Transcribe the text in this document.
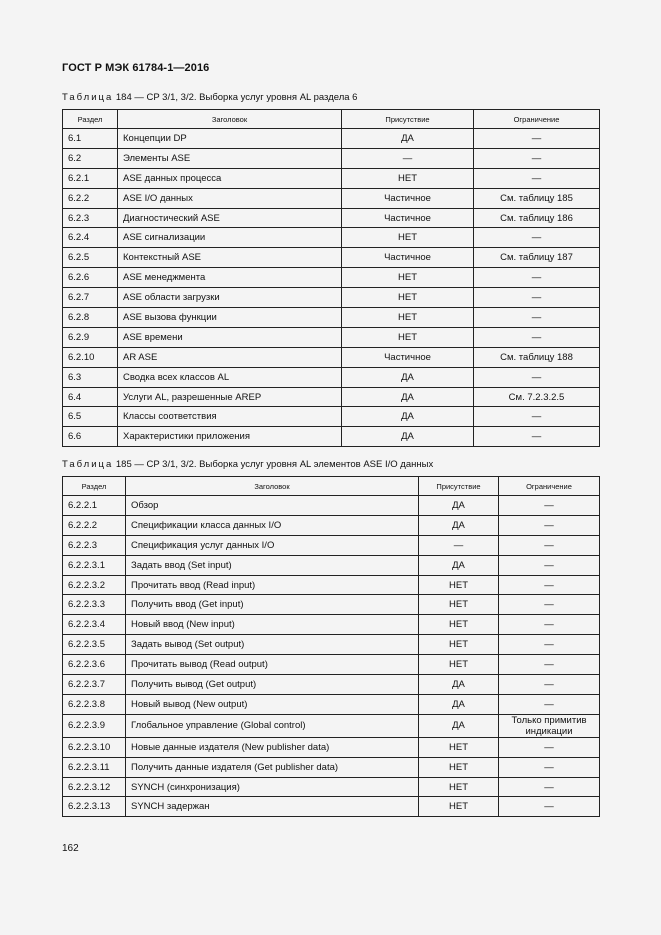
ГОСТ Р МЭК 61784-1—2016
Таблица 184 — CP 3/1, 3/2. Выборка услуг уровня AL раздела 6
Раздел	Заголовок	Присутствие	Ограничение
6.1	Концепции DP	ДА	—
6.2	Элементы ASE	—	—
6.2.1	ASE данных процесса	НЕТ	—
6.2.2	ASE I/O данных	Частичное	См. таблицу 185
6.2.3	Диагностический ASE	Частичное	См. таблицу 186
6.2.4	ASE сигнализации	НЕТ	—
6.2.5	Контекстный ASE	Частичное	См. таблицу 187
6.2.6	ASE менеджмента	НЕТ	—
6.2.7	ASE области загрузки	НЕТ	—
6.2.8	ASE вызова функции	НЕТ	—
6.2.9	ASE времени	НЕТ	—
6.2.10	AR ASE	Частичное	См. таблицу 188
6.3	Сводка всех классов AL	ДА	—
6.4	Услуги AL, разрешенные AREP	ДА	См. 7.2.3.2.5
6.5	Классы соответствия	ДА	—
6.6	Характеристики приложения	ДА	—
Таблица 185 — CP 3/1, 3/2. Выборка услуг уровня AL элементов ASE I/O данных
Раздел	Заголовок	Присутствие	Ограничение
6.2.2.1	Обзор	ДА	—
6.2.2.2	Спецификации класса данных I/O	ДА	—
6.2.2.3	Спецификация услуг данных I/O	—	—
6.2.2.3.1	Задать ввод (Set input)	ДА	—
6.2.2.3.2	Прочитать ввод (Read input)	НЕТ	—
6.2.2.3.3	Получить ввод (Get input)	НЕТ	—
6.2.2.3.4	Новый ввод (New input)	НЕТ	—
6.2.2.3.5	Задать вывод (Set output)	НЕТ	—
6.2.2.3.6	Прочитать вывод (Read output)	НЕТ	—
6.2.2.3.7	Получить вывод (Get output)	ДА	—
6.2.2.3.8	Новый вывод (New output)	ДА	—
6.2.2.3.9	Глобальное управление (Global control)	ДА	Только примитив индикации
6.2.2.3.10	Новые данные издателя (New publisher data)	НЕТ	—
6.2.2.3.11	Получить данные издателя (Get publisher data)	НЕТ	—
6.2.2.3.12	SYNCH (синхронизация)	НЕТ	—
6.2.2.3.13	SYNCH задержан	НЕТ	—
162
